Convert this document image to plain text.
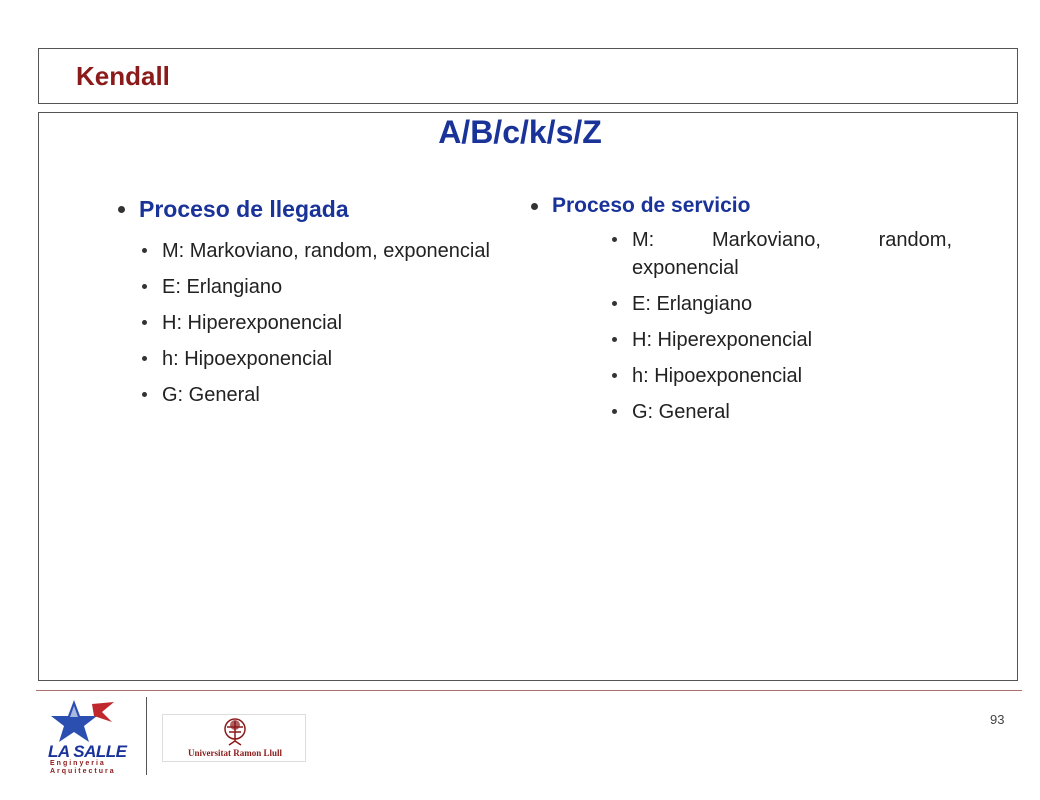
Kendall
A/B/c/k/s/Z
Proceso de llegada
M: Markoviano, random, exponencial
E: Erlangiano
H: Hiperexponencial
h: Hipoexponencial
G: General
Proceso de servicio
M: Markoviano, random, exponencial
E: Erlangiano
H: Hiperexponencial
h: Hipoexponencial
G: General
LA SALLE
Enginyeria
Arquitectura
Universitat Ramon Llull
93
